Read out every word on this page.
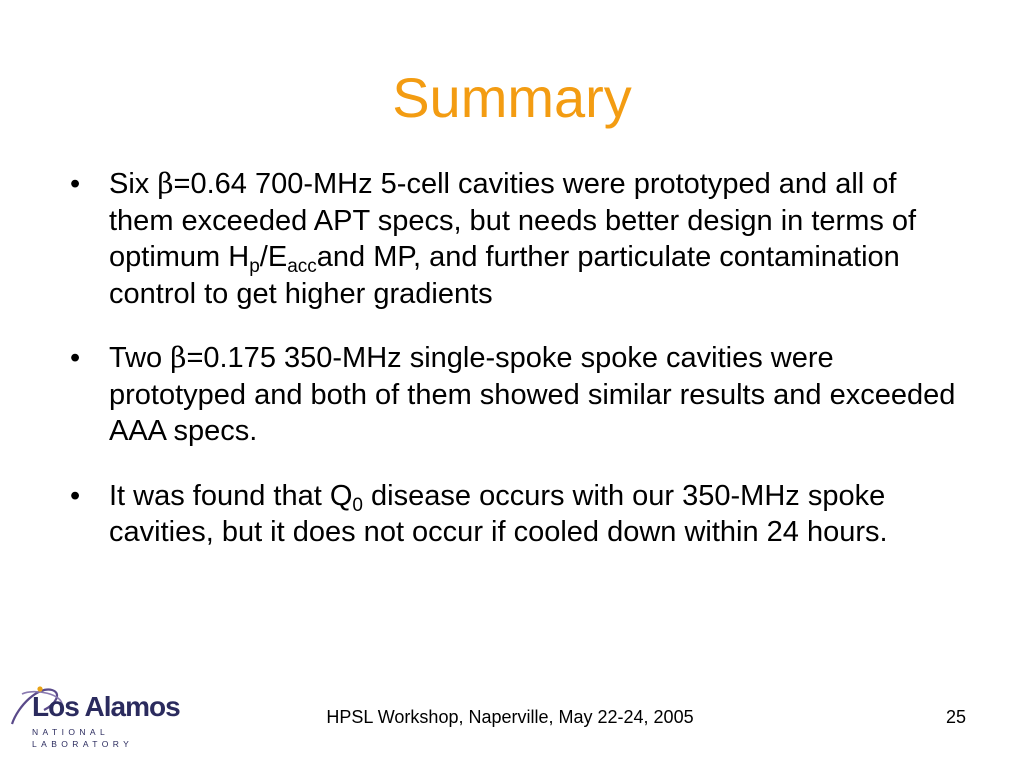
Summary
• Six β=0.64 700-MHz 5-cell cavities were prototyped and all of them exceeded APT specs, but needs better design in terms of optimum $H_p/E_{acc}and$ MP, and further particulate contamination control to get higher gradients
• Two β=0.175 350-MHz single-spoke spoke cavities were prototyped and both of them showed similar results and exceeded AAA specs.
• It was found that $Q_0$ disease occurs with our 350-MHz spoke cavities, but it does not occur if cooled down within 24 hours.
Los Alamos
NATIONAL LABORATORY
HPSL Workshop, Naperville, May 22-24, 2005	25
